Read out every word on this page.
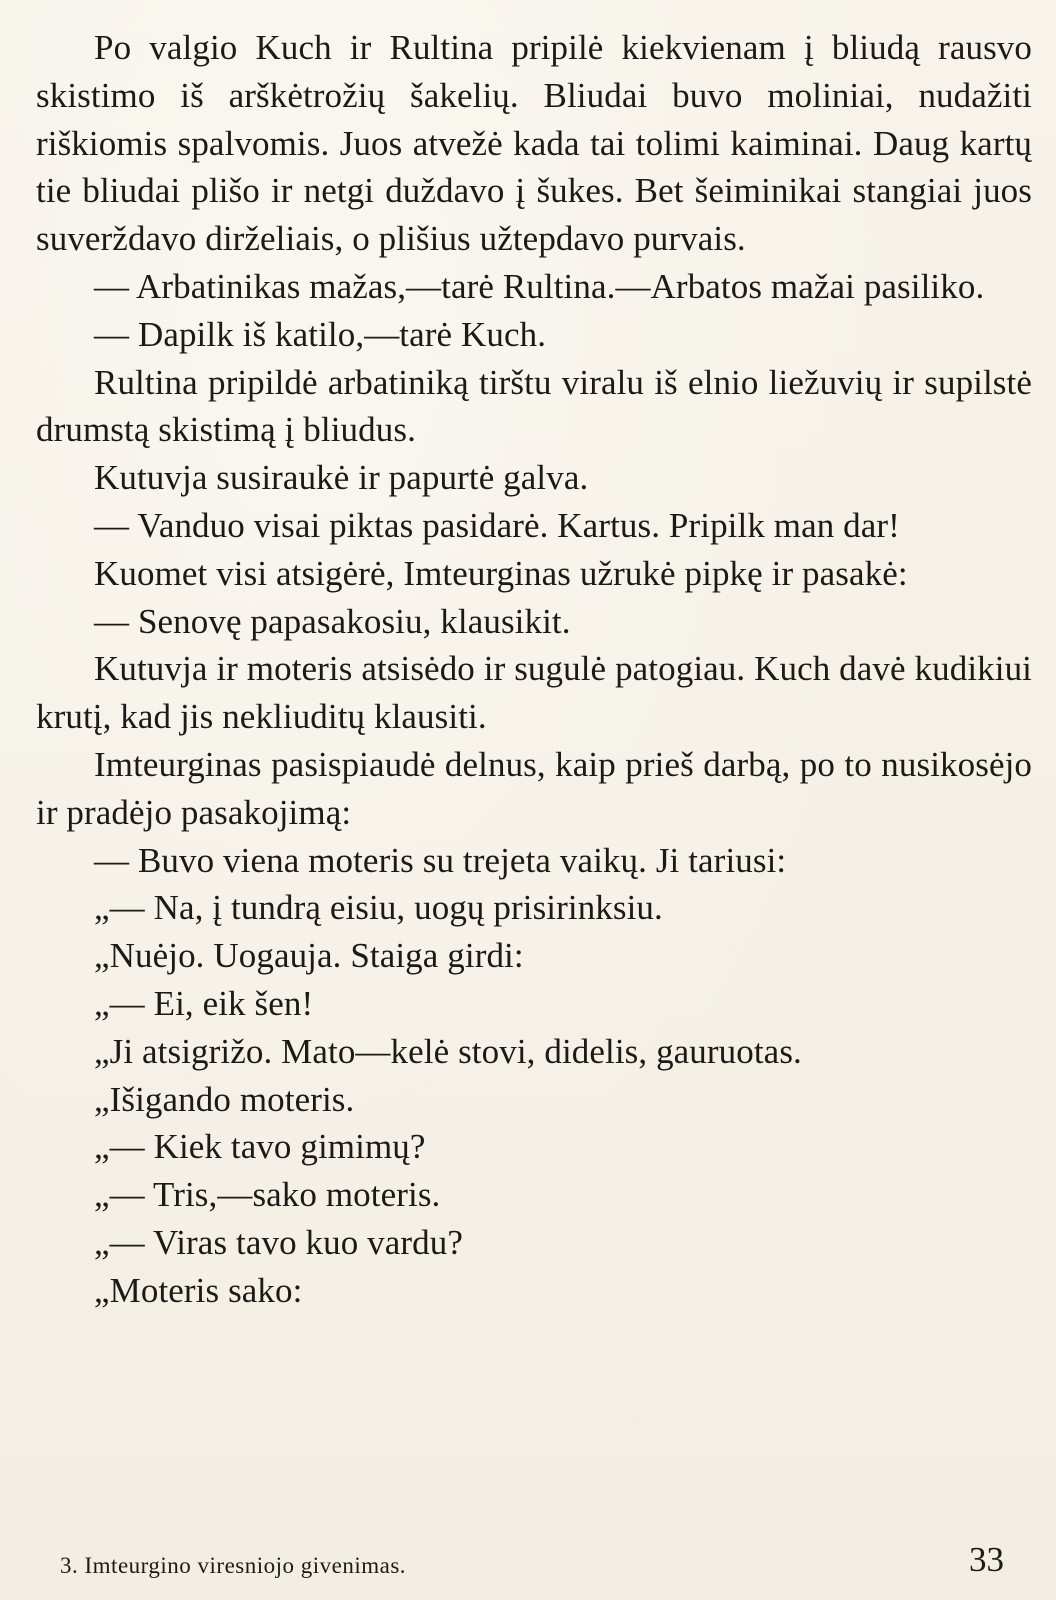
Po valgio Kuch ir Rultina pripilė kiekvienam į bliudą rausvo skistimo iš arškėtrožių šakelių. Bliudai buvo moliniai, nudažiti riškiomis spalvomis. Juos atvežė kada tai tolimi kaiminai. Daug kartų tie bliudai plišo ir netgi duždavo į šukes. Bet šeiminikai stangiai juos suverždavo dirželiais, o plišius užtepdavo purvais.

— Arbatinikas mažas,—tarė Rultina.—Arbatos mažai pasiliko.

— Dapilk iš katilo,—tarė Kuch.

Rultina pripildė arbatiniką tirštu viralu iš elnio liežuvių ir supilstė drumstą skistimą į bliudus.

Kutuvja susiraukė ir papurtė galva.

— Vanduo visai piktas pasidarė. Kartus. Pripilk man dar!

Kuomet visi atsigėrė, Imteurginas užrukė pipkę ir pasakė:

— Senovę papasakosiu, klausikit.

Kutuvja ir moteris atsisėdo ir sugulė patogiau. Kuch davė kudikiui krutį, kad jis nekliuditų klausiti.

Imteurginas pasispiaudė delnus, kaip prieš darbą, po to nusikosėjo ir pradėjo pasakojimą:

— Buvo viena moteris su trejeta vaikų. Ji tariusi:

„— Na, į tundrą eisiu, uogų prisirinksiu.

„Nuėjo. Uogauja. Staiga girdi:

„— Ei, eik šen!

„Ji atsigrižo. Mato—kelė stovi, didelis, gauruotas.

„Išigando moteris.

„— Kiek tavo gimimų?

„— Tris,—sako moteris.

„— Viras tavo kuo vardu?

„Moteris sako:

3. Imteurgino viresniojo givenimas.	33
